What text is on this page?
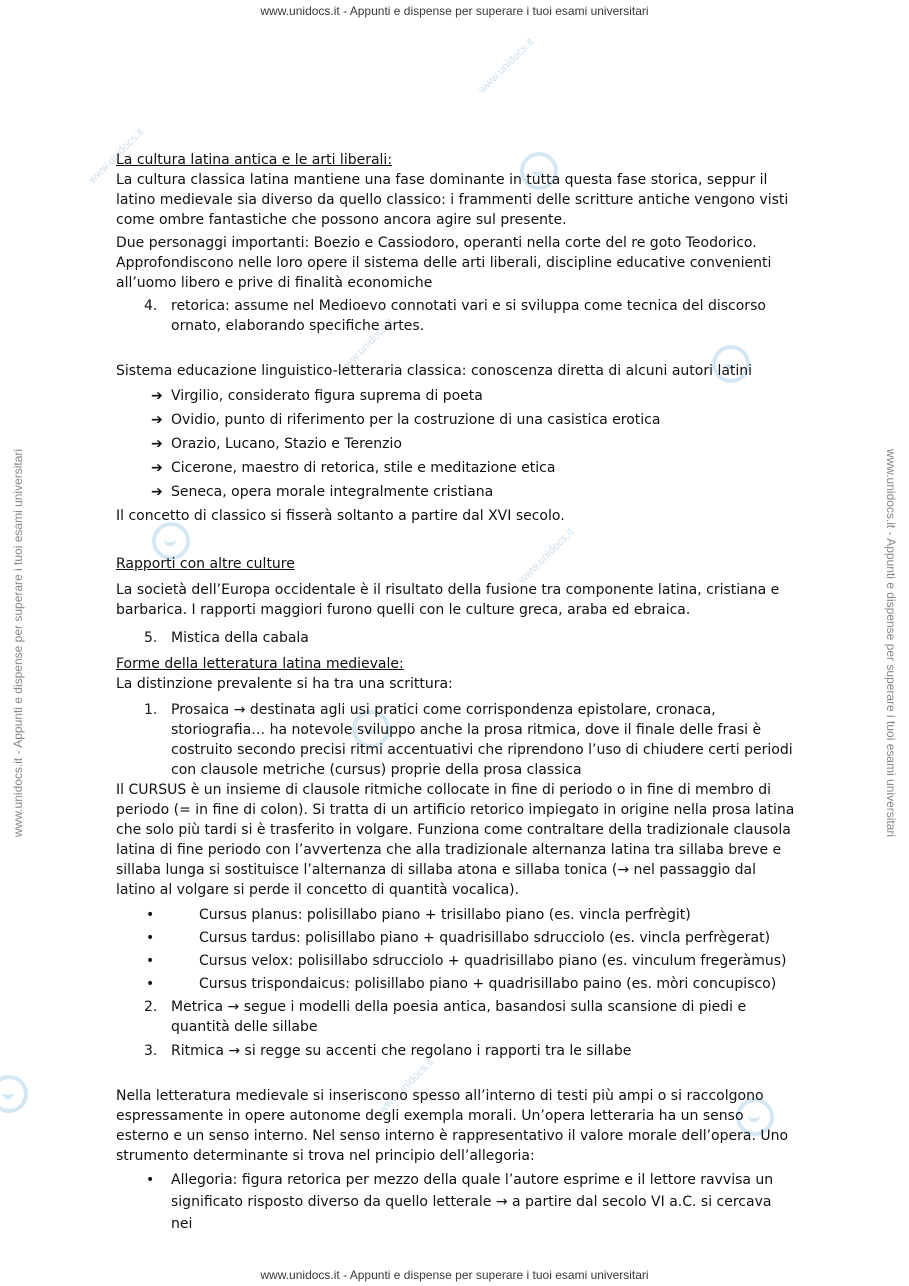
www.unidocs.it - Appunti e dispense per superare i tuoi esami universitari
www.unidocs.it - Appunti e dispense per superare i tuoi esami universitari
www.unidocs.it - Appunti e dispense per superare i tuoi esami universitari	www.unidocs.it - Appunti e dispense per superare i tuoi esami universitari
www.unidocs.it
www.unidocs.it
www.unidocs.it
www.unidocs.it
www.unidocs.it

La cultura latina antica e le arti liberali:

La cultura classica latina mantiene una fase dominante in tutta questa fase storica, seppur il latino medievale sia diverso da quello classico: i frammenti delle scritture antiche vengono visti come ombre fantastiche che possono ancora agire sul presente.

Due personaggi importanti: Boezio e Cassiodoro, operanti nella corte del re goto Teodorico. Approfondiscono nelle loro opere il sistema delle arti liberali, discipline educative convenienti all’uomo libero e prive di finalità economiche

4. retorica: assume nel Medioevo connotati vari e si sviluppa come tecnica del discorso ornato, elaborando specifiche artes.

Sistema educazione linguistico-letteraria classica: conoscenza diretta di alcuni autori latini

➔ Virgilio, considerato figura suprema di poeta
➔ Ovidio, punto di riferimento per la costruzione di una casistica erotica
➔ Orazio, Lucano, Stazio e Terenzio
➔ Cicerone, maestro di retorica, stile e meditazione etica
➔ Seneca, opera morale integralmente cristiana

Il concetto di classico si fisserà soltanto a partire dal XVI secolo.

Rapporti con altre culture

La società dell’Europa occidentale è il risultato della fusione tra componente latina, cristiana e barbarica. I rapporti maggiori furono quelli con le culture greca, araba ed ebraica.

5. Mistica della cabala

Forme della letteratura latina medievale:

La distinzione prevalente si ha tra una scrittura:

1. Prosaica → destinata agli usi pratici come corrispondenza epistolare, cronaca, storiografia… ha notevole sviluppo anche la prosa ritmica, dove il finale delle frasi è costruito secondo precisi ritmi accentuativi che riprendono l’uso di chiudere certi periodi con clausole metriche (cursus) proprie della prosa classica

Il CURSUS è un insieme di clausole ritmiche collocate in fine di periodo o in fine di membro di periodo (= in fine di colon). Si tratta di un artificio retorico impiegato in origine nella prosa latina che solo più tardi si è trasferito in volgare. Funziona come contraltare della tradizionale clausola latina di fine periodo con l’avvertenza che alla tradizionale alternanza latina tra sillaba breve e sillaba lunga si sostituisce l’alternanza di sillaba atona e sillaba tonica (→ nel passaggio dal latino al volgare si perde il concetto di quantità vocalica).

•	Cursus planus: polisillabo piano + trisillabo piano (es. vincla perfrègit)
•	Cursus tardus: polisillabo piano + quadrisillabo sdrucciolo (es. vincla perfrègerat)
•	Cursus velox: polisillabo sdrucciolo + quadrisillabo piano (es. vinculum fregeràmus)
•	Cursus trispondaicus: polisillabo piano + quadrisillabo paino (es. mòri concupisco)
2. Metrica → segue i modelli della poesia antica, basandosi sulla scansione di piedi e quantità delle sillabe
3. Ritmica → si regge su accenti che regolano i rapporti tra le sillabe

Nella letteratura medievale si inseriscono spesso all’interno di testi più ampi o si raccolgono espressamente in opere autonome degli exempla morali. Un’opera letteraria ha un senso esterno e un senso interno. Nel senso interno è rappresentativo il valore morale dell’opera. Uno strumento determinante si trova nel principio dell’allegoria:

• Allegoria: figura retorica per mezzo della quale l’autore esprime e il lettore ravvisa un significato risposto diverso da quello letterale → a partire dal secolo VI a.C. si cercava nei
